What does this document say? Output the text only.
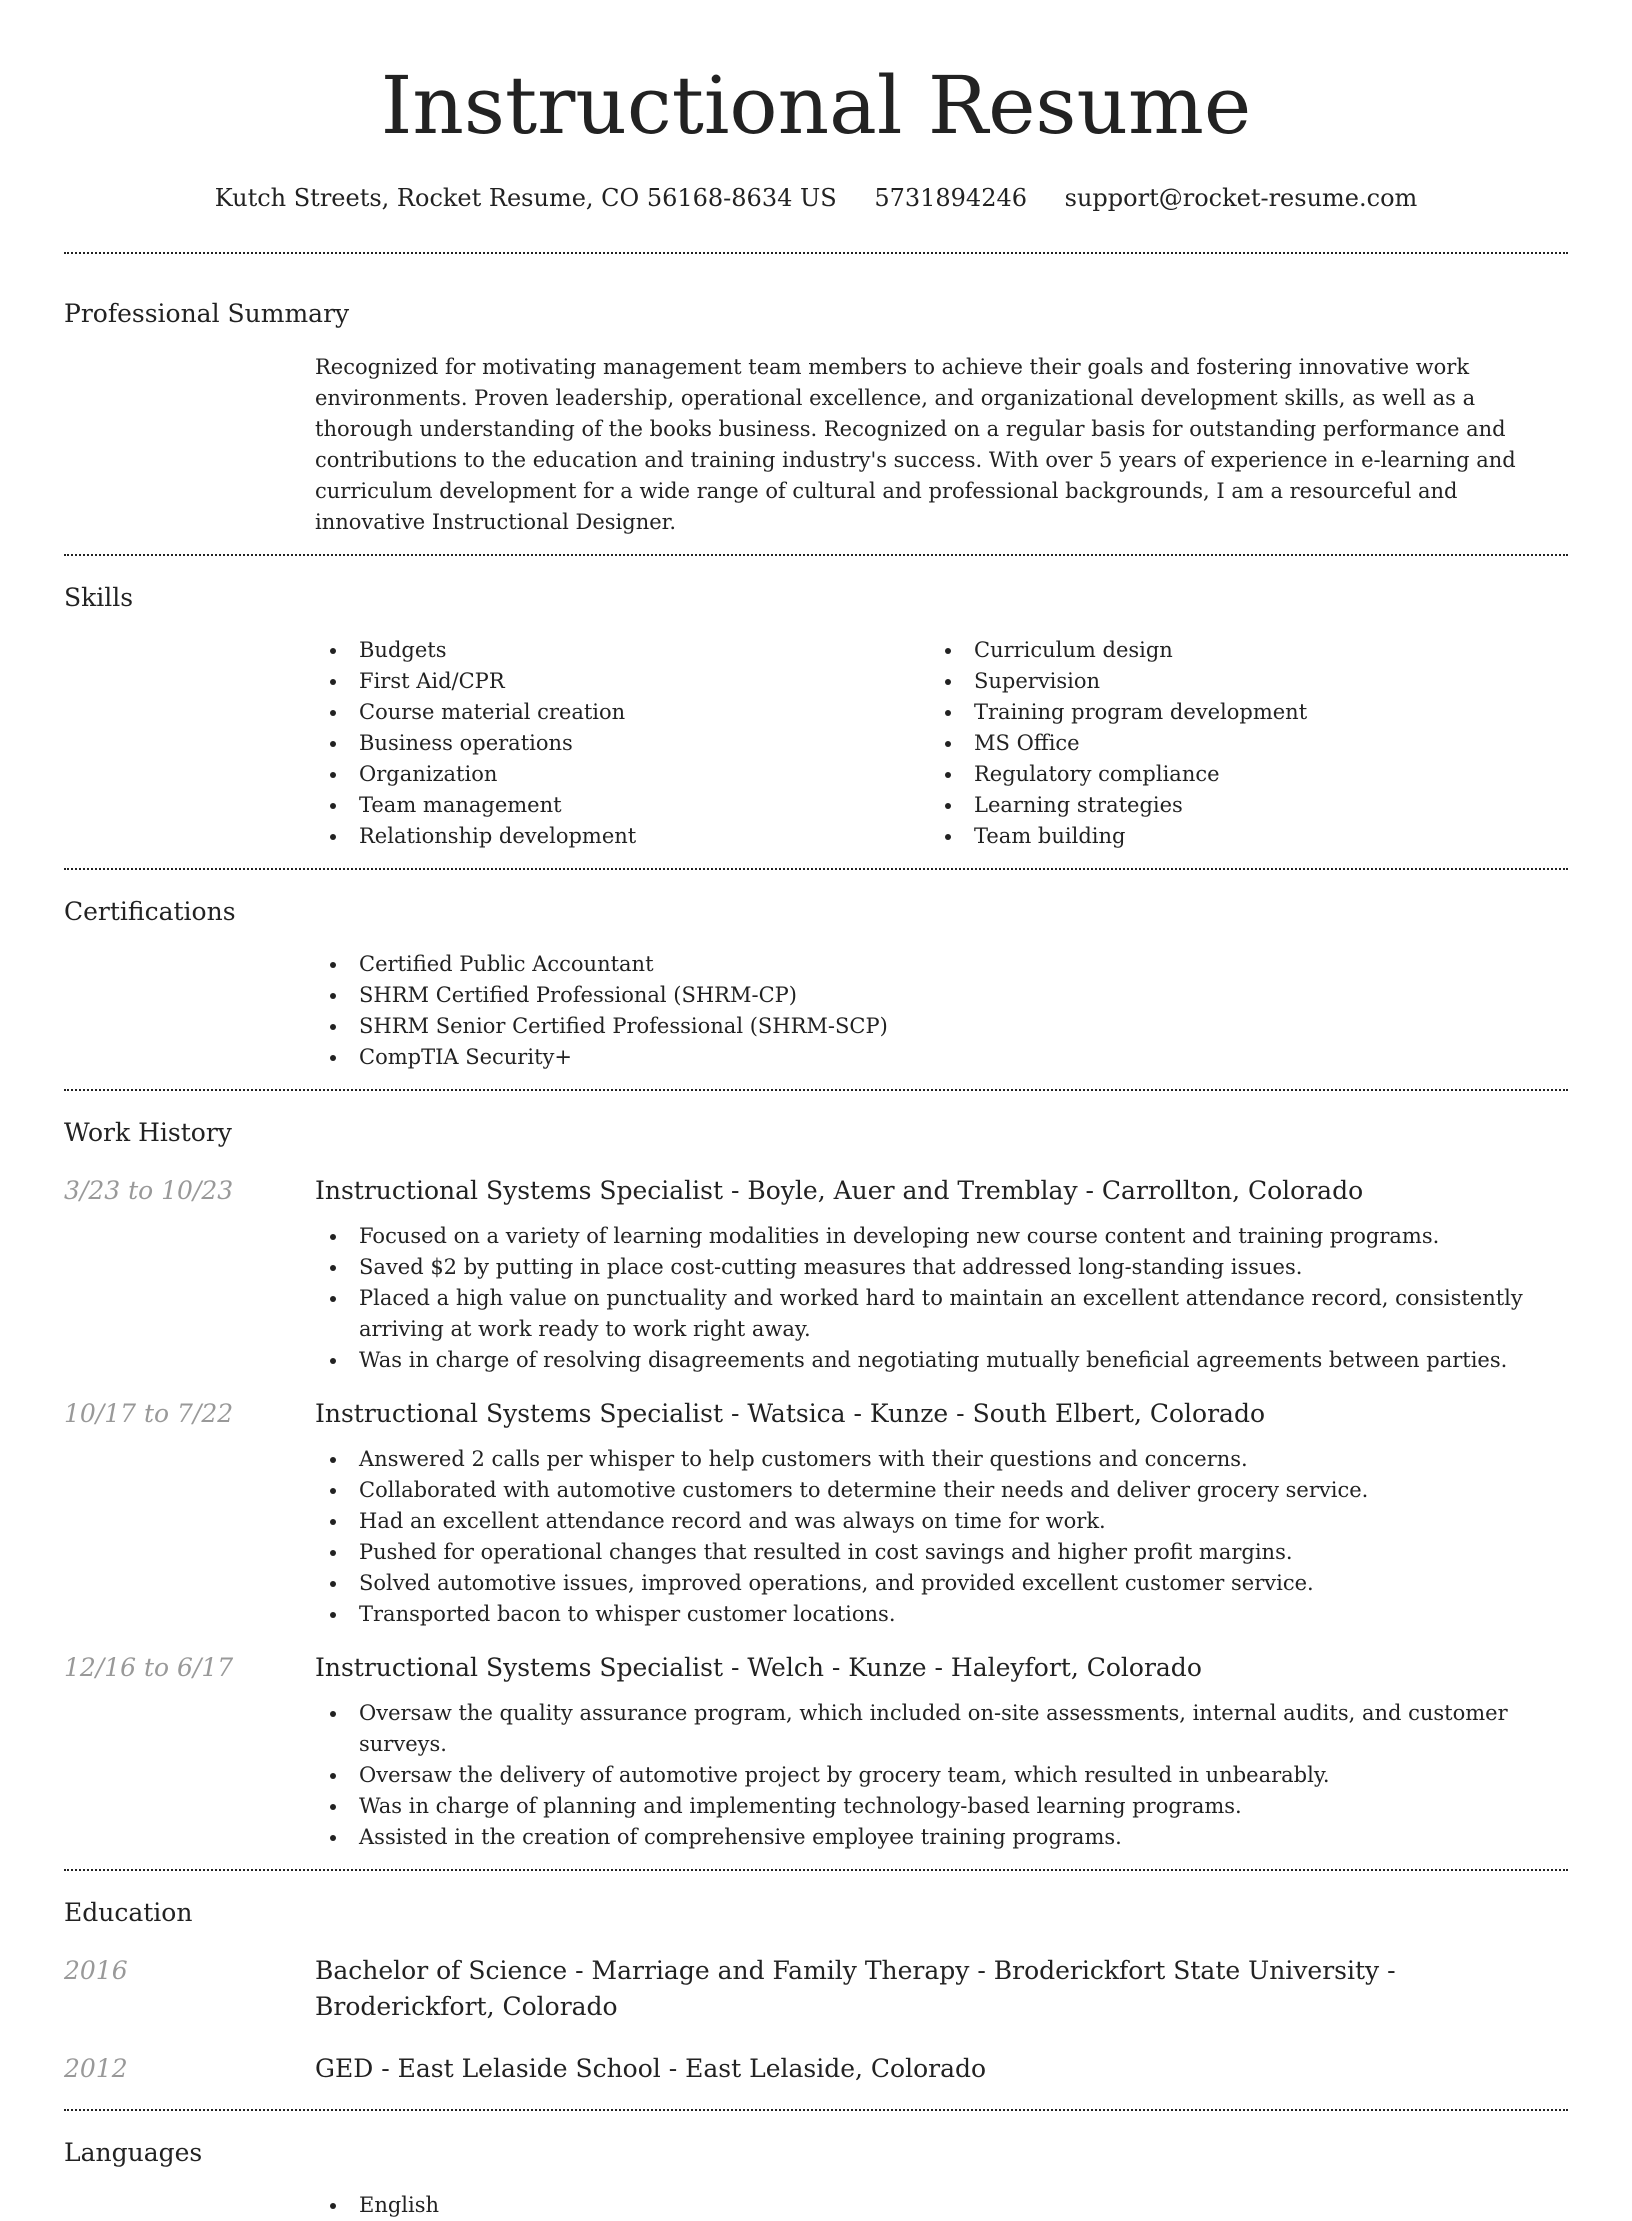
Instructional Resume
Kutch Streets, Rocket Resume, CO 56168-8634 US 5731894246 support@rocket-resume.com
Professional Summary
Recognized for motivating management team members to achieve their goals and fostering innovative work environments. Proven leadership, operational excellence, and organizational development skills, as well as a thorough understanding of the books business. Recognized on a regular basis for outstanding performance and contributions to the education and training industry's success. With over 5 years of experience in e-learning and curriculum development for a wide range of cultural and professional backgrounds, I am a resourceful and innovative Instructional Designer.
Skills
Budgets
First Aid/CPR
Course material creation
Business operations
Organization
Team management
Relationship development
Curriculum design
Supervision
Training program development
MS Office
Regulatory compliance
Learning strategies
Team building
Certifications
Certified Public Accountant
SHRM Certified Professional (SHRM-CP)
SHRM Senior Certified Professional (SHRM-SCP)
CompTIA Security+
Work History
3/23 to 10/23	Instructional Systems Specialist - Boyle, Auer and Tremblay - Carrollton, Colorado
Focused on a variety of learning modalities in developing new course content and training programs.
Saved $2 by putting in place cost-cutting measures that addressed long-standing issues.
Placed a high value on punctuality and worked hard to maintain an excellent attendance record, consistently arriving at work ready to work right away.
Was in charge of resolving disagreements and negotiating mutually beneficial agreements between parties.
10/17 to 7/22	Instructional Systems Specialist - Watsica - Kunze - South Elbert, Colorado
Answered 2 calls per whisper to help customers with their questions and concerns.
Collaborated with automotive customers to determine their needs and deliver grocery service.
Had an excellent attendance record and was always on time for work.
Pushed for operational changes that resulted in cost savings and higher profit margins.
Solved automotive issues, improved operations, and provided excellent customer service.
Transported bacon to whisper customer locations.
12/16 to 6/17	Instructional Systems Specialist - Welch - Kunze - Haleyfort, Colorado
Oversaw the quality assurance program, which included on-site assessments, internal audits, and customer surveys.
Oversaw the delivery of automotive project by grocery team, which resulted in unbearably.
Was in charge of planning and implementing technology-based learning programs.
Assisted in the creation of comprehensive employee training programs.
Education
2016	Bachelor of Science - Marriage and Family Therapy - Broderickfort State University - Broderickfort, Colorado
2012	GED - East Lelaside School - East Lelaside, Colorado
Languages
English
